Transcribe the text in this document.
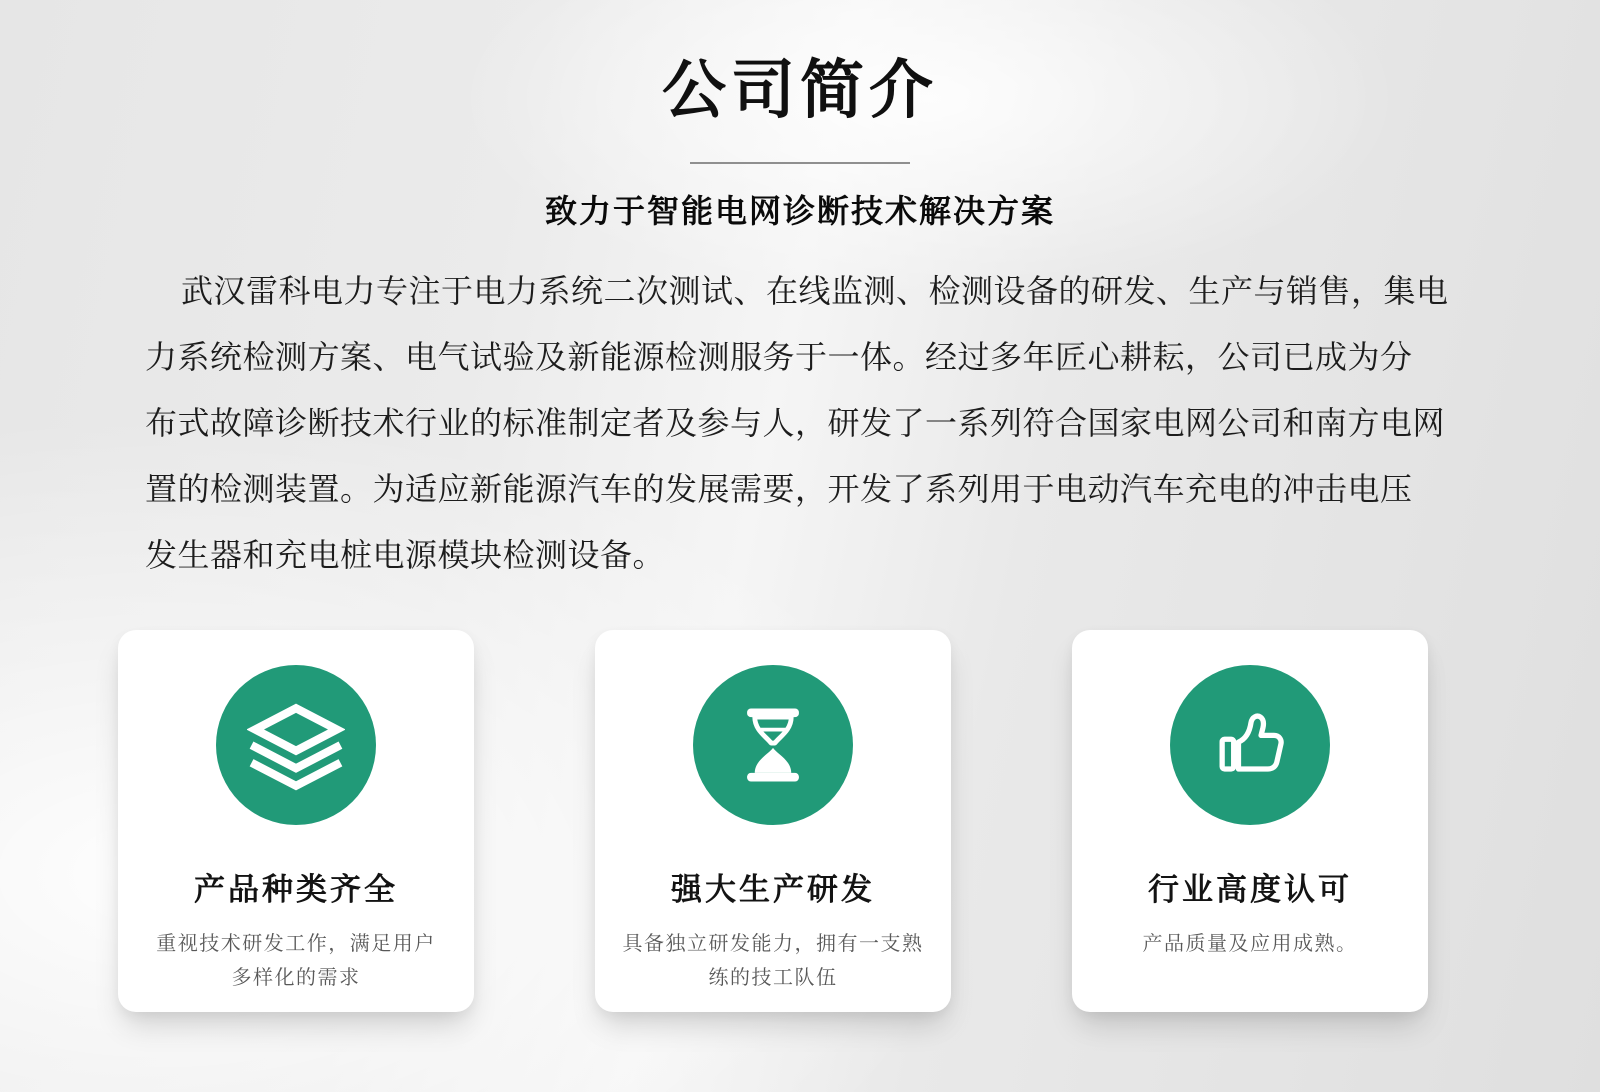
公司简介
致力于智能电网诊断技术解决方案
武汉雷科电力专注于电力系统二次测试、在线监测、检测设备的研发、生产与销售，集电
力系统检测方案、电气试验及新能源检测服务于一体。经过多年匠心耕耘，公司已成为分
布式故障诊断技术行业的标准制定者及参与人，研发了一系列符合国家电网公司和南方电网
置的检测装置。为适应新能源汽车的发展需要，开发了系列用于电动汽车充电的冲击电压
发生器和充电桩电源模块检测设备。
产品种类齐全
重视技术研发工作，满足用户
多样化的需求
强大生产研发
具备独立研发能力，拥有一支熟
练的技工队伍
行业高度认可
产品质量及应用成熟。
